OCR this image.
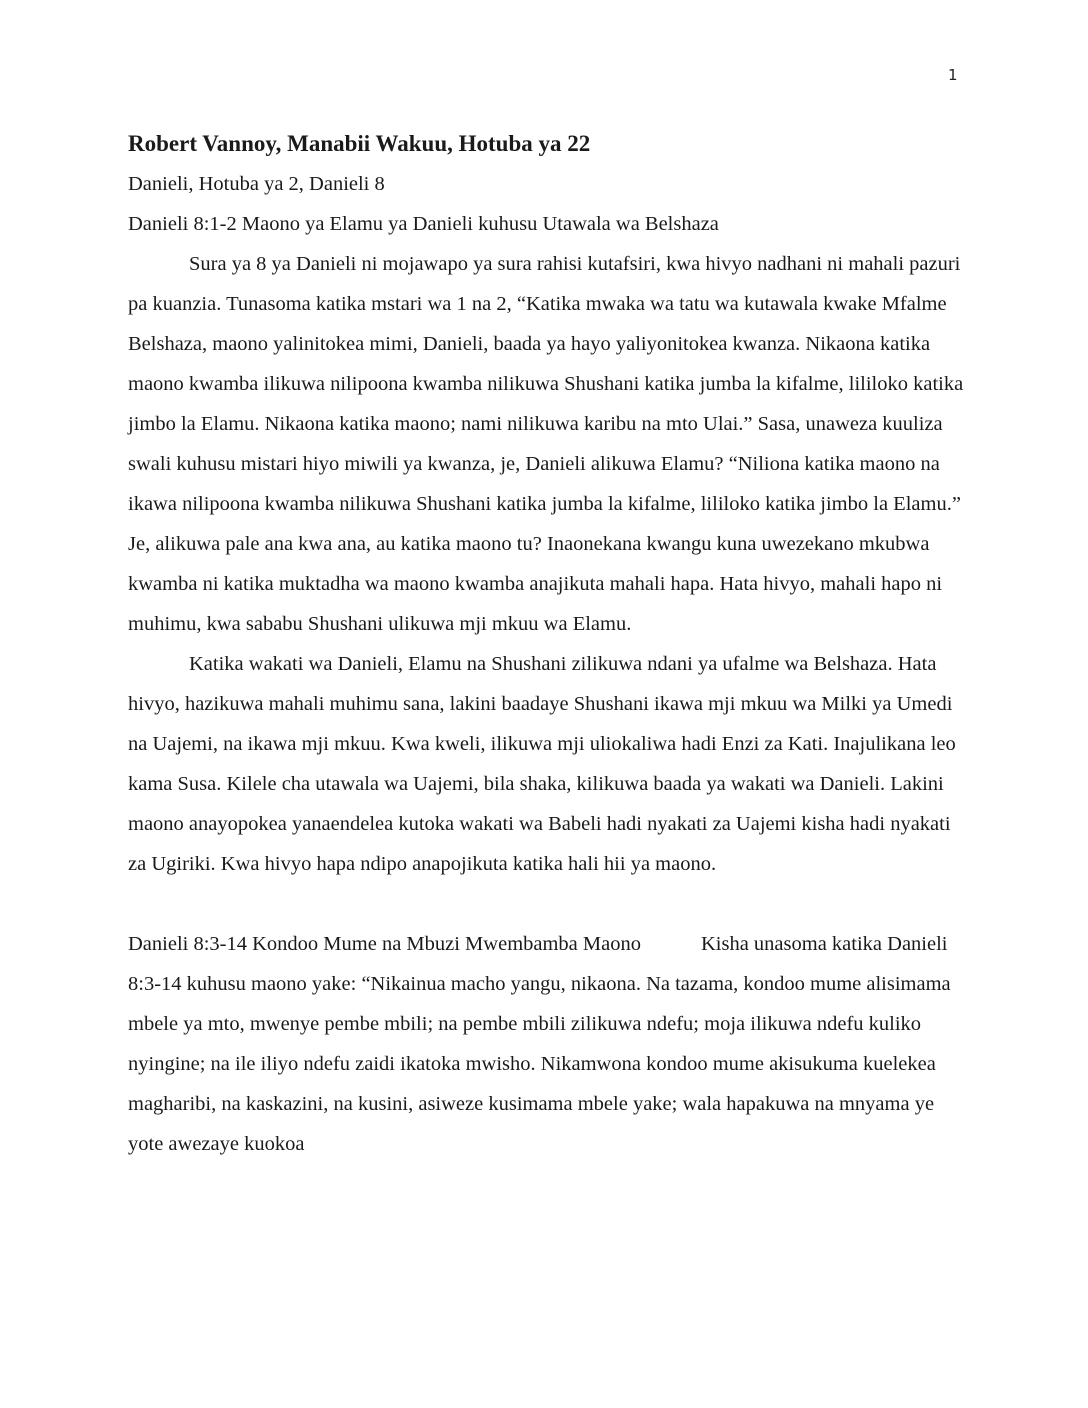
1
Robert Vannoy, Manabii Wakuu, Hotuba ya 22

Danieli, Hotuba ya 2, Danieli 8

Danieli 8:1-2 Maono ya Elamu ya Danieli kuhusu Utawala wa Belshaza

Sura ya 8 ya Danieli ni mojawapo ya sura rahisi kutafsiri, kwa hivyo nadhani ni mahali pazuri pa kuanzia. Tunasoma katika mstari wa 1 na 2, “Katika mwaka wa tatu wa kutawala kwake Mfalme Belshaza, maono yalinitokea mimi, Danieli, baada ya hayo yaliyonitokea kwanza. Nikaona katika maono kwamba ilikuwa nilipoona kwamba nilikuwa Shushani katika jumba la kifalme, lililoko katika jimbo la Elamu. Nikaona katika maono; nami nilikuwa karibu na mto Ulai.” Sasa, unaweza kuuliza swali kuhusu mistari hiyo miwili ya kwanza, je, Danieli alikuwa Elamu? “Niliona katika maono na ikawa nilipoona kwamba nilikuwa Shushani katika jumba la kifalme, lililoko katika jimbo la Elamu.” Je, alikuwa pale ana kwa ana, au katika maono tu? Inaonekana kwangu kuna uwezekano mkubwa kwamba ni katika muktadha wa maono kwamba anajikuta mahali hapa. Hata hivyo, mahali hapo ni muhimu, kwa sababu Shushani ulikuwa mji mkuu wa Elamu.

Katika wakati wa Danieli, Elamu na Shushani zilikuwa ndani ya ufalme wa Belshaza. Hata hivyo, hazikuwa mahali muhimu sana, lakini baadaye Shushani ikawa mji mkuu wa Milki ya Umedi na Uajemi, na ikawa mji mkuu. Kwa kweli, ilikuwa mji uliokaliwa hadi Enzi za Kati. Inajulikana leo kama Susa. Kilele cha utawala wa Uajemi, bila shaka, kilikuwa baada ya wakati wa Danieli. Lakini maono anayopokea yanaendelea kutoka wakati wa Babeli hadi nyakati za Uajemi kisha hadi nyakati za Ugiriki. Kwa hivyo hapa ndipo anapojikuta katika hali hii ya maono.

Danieli 8:3-14 Kondoo Mume na Mbuzi Mwembamba Maono	Kisha unasoma katika Danieli 8:3-14 kuhusu maono yake: “Nikainua macho yangu, nikaona. Na tazama, kondoo mume alisimama mbele ya mto, mwenye pembe mbili; na pembe mbili zilikuwa ndefu; moja ilikuwa ndefu kuliko nyingine; na ile iliyo ndefu zaidi ikatoka mwisho. Nikamwona kondoo mume akisukuma kuelekea magharibi, na kaskazini, na kusini, asiweze kusimama mbele yake; wala hapakuwa na mnyama ye yote awezaye kuokoa
